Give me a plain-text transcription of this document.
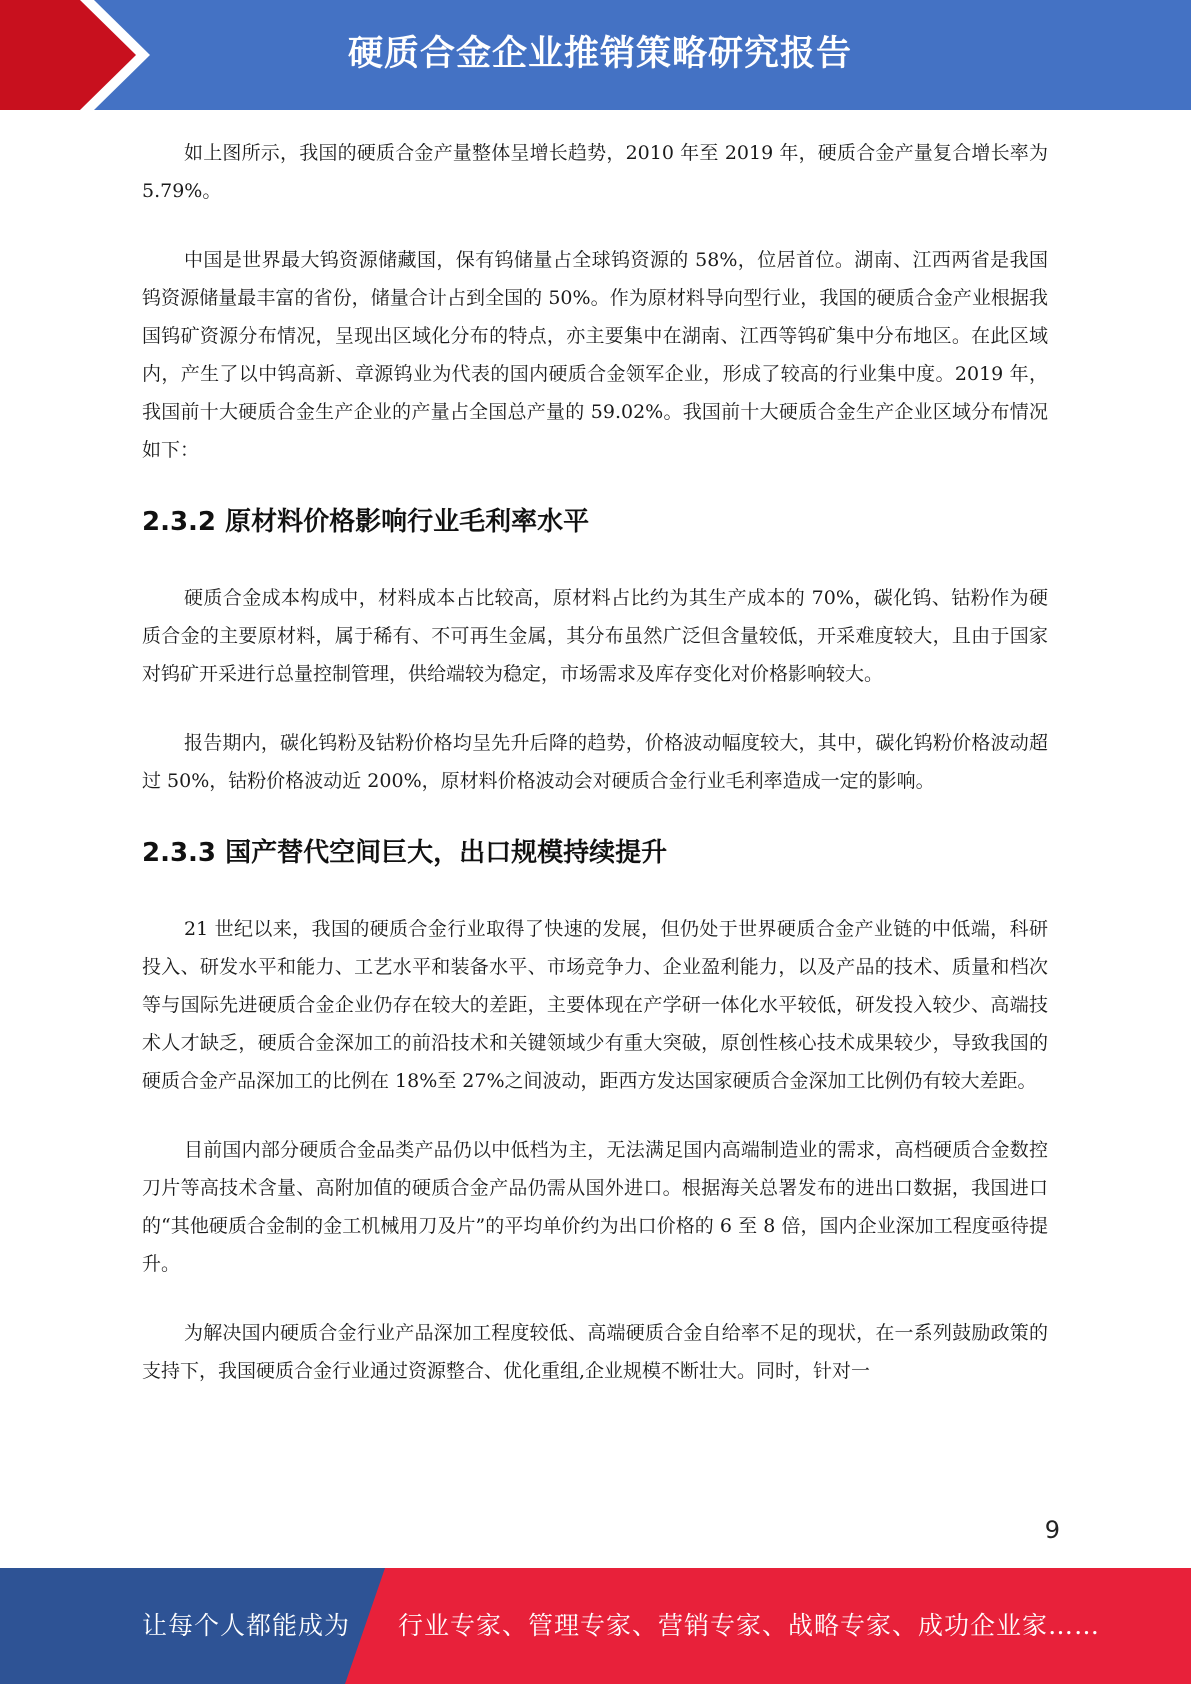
硬质合金企业推销策略研究报告

如上图所示，我国的硬质合金产量整体呈增长趋势，2010 年至 2019 年，硬质合金产量复合增长率为 5.79%。

中国是世界最大钨资源储藏国，保有钨储量占全球钨资源的 58%，位居首位。湖南、江西两省是我国钨资源储量最丰富的省份，储量合计占到全国的 50%。作为原材料导向型行业，我国的硬质合金产业根据我国钨矿资源分布情况，呈现出区域化分布的特点，亦主要集中在湖南、江西等钨矿集中分布地区。在此区域内，产生了以中钨高新、章源钨业为代表的国内硬质合金领军企业，形成了较高的行业集中度。2019 年，我国前十大硬质合金生产企业的产量占全国总产量的 59.02%。我国前十大硬质合金生产企业区域分布情况如下：

2.3.2 原材料价格影响行业毛利率水平

硬质合金成本构成中，材料成本占比较高，原材料占比约为其生产成本的 70%，碳化钨、钴粉作为硬质合金的主要原材料，属于稀有、不可再生金属，其分布虽然广泛但含量较低，开采难度较大，且由于国家对钨矿开采进行总量控制管理，供给端较为稳定，市场需求及库存变化对价格影响较大。

报告期内，碳化钨粉及钴粉价格均呈先升后降的趋势，价格波动幅度较大，其中，碳化钨粉价格波动超过 50%，钴粉价格波动近 200%，原材料价格波动会对硬质合金行业毛利率造成一定的影响。

2.3.3 国产替代空间巨大，出口规模持续提升

21 世纪以来，我国的硬质合金行业取得了快速的发展，但仍处于世界硬质合金产业链的中低端，科研投入、研发水平和能力、工艺水平和装备水平、市场竞争力、企业盈利能力，以及产品的技术、质量和档次等与国际先进硬质合金企业仍存在较大的差距，主要体现在产学研一体化水平较低，研发投入较少、高端技术人才缺乏，硬质合金深加工的前沿技术和关键领域少有重大突破，原创性核心技术成果较少，导致我国的硬质合金产品深加工的比例在 18%至 27%之间波动，距西方发达国家硬质合金深加工比例仍有较大差距。

目前国内部分硬质合金品类产品仍以中低档为主，无法满足国内高端制造业的需求，高档硬质合金数控刀片等高技术含量、高附加值的硬质合金产品仍需从国外进口。根据海关总署发布的进出口数据，我国进口的“其他硬质合金制的金工机械用刀及片”的平均单价约为出口价格的 6 至 8 倍，国内企业深加工程度亟待提升。

为解决国内硬质合金行业产品深加工程度较低、高端硬质合金自给率不足的现状，在一系列鼓励政策的支持下，我国硬质合金行业通过资源整合、优化重组,企业规模不断壮大。同时，针对一

9
让每个人都能成为 行业专家、管理专家、营销专家、战略专家、成功企业家……
